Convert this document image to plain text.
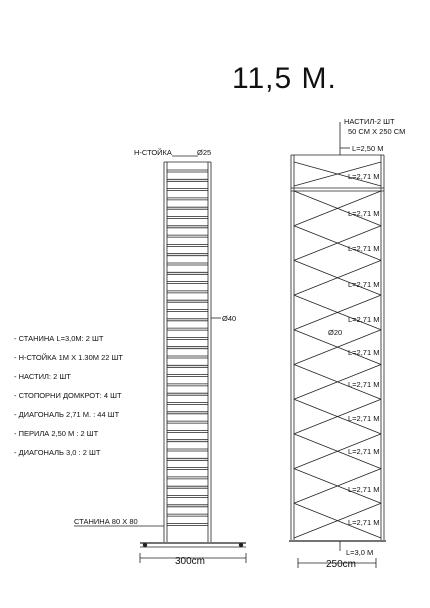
11,5 М.
Н-СТОЙКА	Ø25
Ø40
СТАНИНА 80 X 80
300cm
НАСТИЛ-2 ШТ
50 СМ X 250 СМ
L=2,50 М
Ø20
L=3,0 М
250cm
L=2,71 М
L=2,71 М
L=2,71 М
L=2,71 М
L=2,71 М
L=2,71 М
L=2,71 М
L=2,71 М
L=2,71 М
L=2,71 М
L=2,71 М
- СТАНИНА L=3,0М: 2 ШТ
- Н-СТОЙКА 1М X 1.30М 22 ШТ
- НАСТИЛ: 2 ШТ
- СТОПОРНИ ДОМКРОТ: 4 ШТ
- ДИАГОНАЛЬ 2,71 М. : 44 ШТ
- ПЕРИЛА 2,50 М : 2 ШТ
- ДИАГОНАЛЬ 3,0 : 2 ШТ
